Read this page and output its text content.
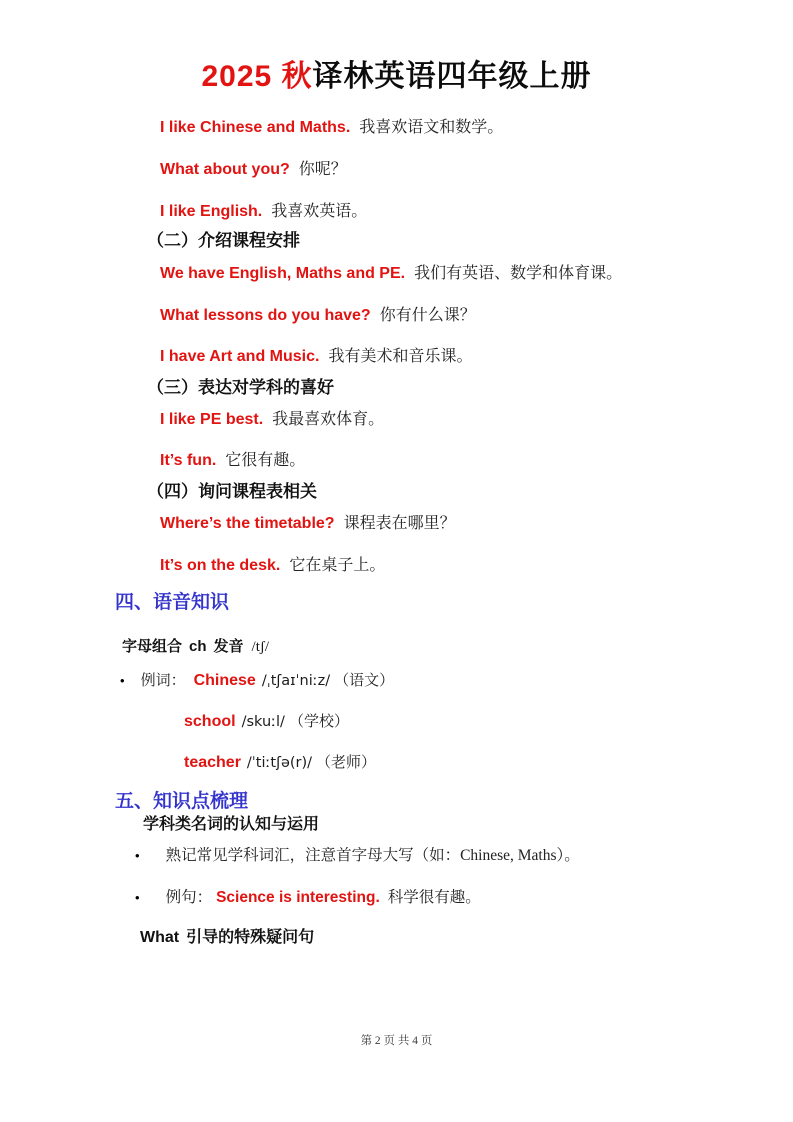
2025 秋译林英语四年级上册
I like Chinese and Maths. 我喜欢语文和数学。
What about you? 你呢？
I like English. 我喜欢英语。
（二）介绍课程安排
We have English, Maths and PE. 我们有英语、数学和体育课。
What lessons do you have? 你有什么课？
I have Art and Music. 我有美术和音乐课。
（三）表达对学科的喜好
I like PE best. 我最喜欢体育。
It’s fun. 它很有趣。
（四）询问课程表相关
Where’s the timetable? 课程表在哪里？
It’s on the desk. 它在桌子上。
四、语音知识
字母组合 ch 发音 /tʃ/
• 例词： Chinese /ˌtʃaɪˈniːz/ （语文）
school /skuːl/ （学校）
teacher /ˈtiːtʃə(r)/ （老师）
五、知识点梳理
学科类名词的认知与运用
• 熟记常见学科词汇，注意首字母大写（如：Chinese, Maths）。
• 例句： Science is interesting. 科学很有趣。
What 引导的特殊疑问句
第 2 页 共 4 页
